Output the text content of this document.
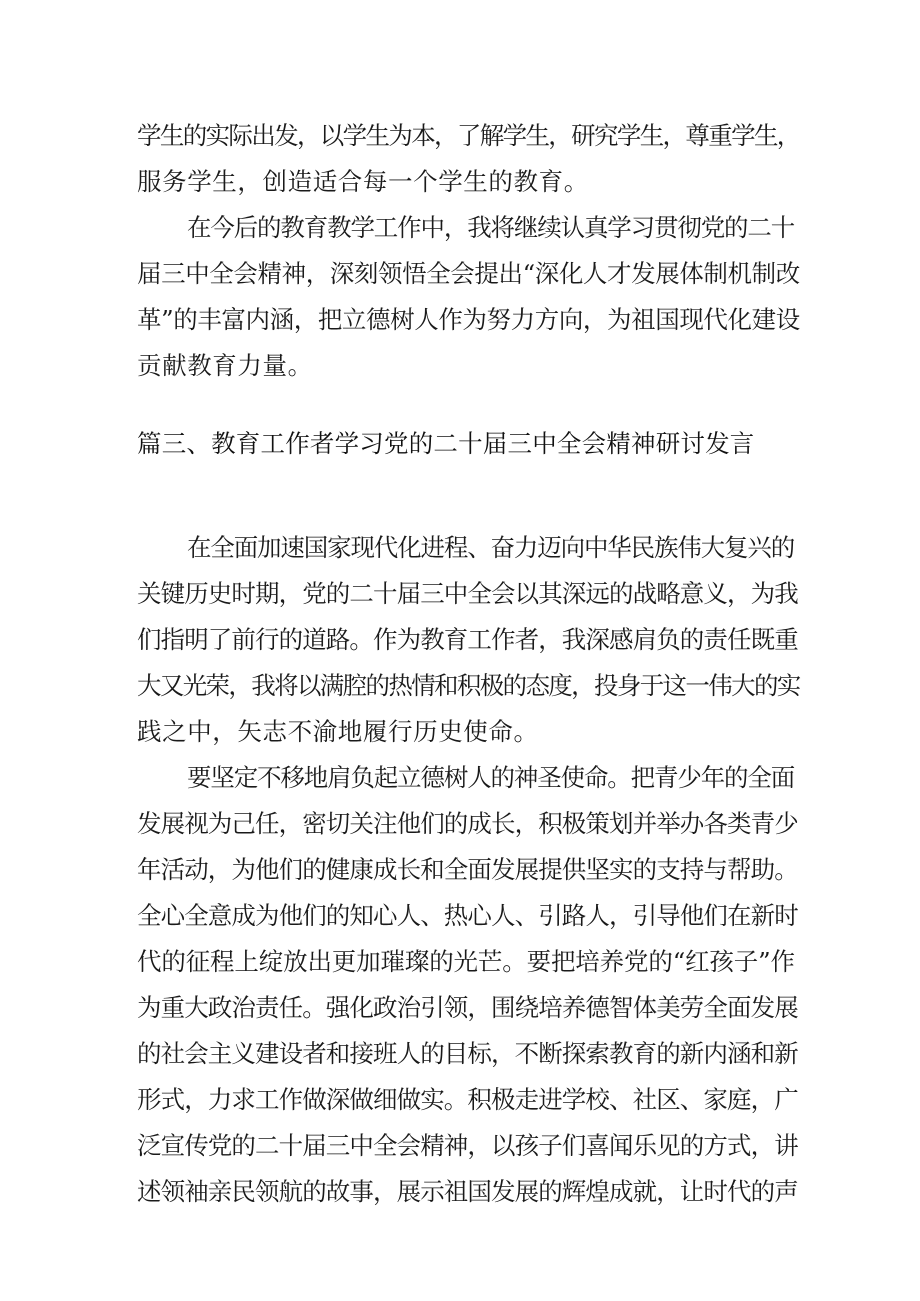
学生的实际出发，以学生为本，了解学生，研究学生，尊重学生，
服务学生，创造适合每一个学生的教育。
在今后的教育教学工作中，我将继续认真学习贯彻党的二十
届三中全会精神，深刻领悟全会提出“深化人才发展体制机制改
革”的丰富内涵，把立德树人作为努力方向，为祖国现代化建设
贡献教育力量。
篇三、教育工作者学习党的二十届三中全会精神研讨发言
在全面加速国家现代化进程、奋力迈向中华民族伟大复兴的
关键历史时期，党的二十届三中全会以其深远的战略意义，为我
们指明了前行的道路。作为教育工作者，我深感肩负的责任既重
大又光荣，我将以满腔的热情和积极的态度，投身于这一伟大的实
践之中，矢志不渝地履行历史使命。
要坚定不移地肩负起立德树人的神圣使命。把青少年的全面
发展视为己任，密切关注他们的成长，积极策划并举办各类青少
年活动，为他们的健康成长和全面发展提供坚实的支持与帮助。
全心全意成为他们的知心人、热心人、引路人，引导他们在新时
代的征程上绽放出更加璀璨的光芒。要把培养党的“红孩子”作
为重大政治责任。强化政治引领，围绕培养德智体美劳全面发展
的社会主义建设者和接班人的目标，不断探索教育的新内涵和新
形式，力求工作做深做细做实。积极走进学校、社区、家庭，广
泛宣传党的二十届三中全会精神，以孩子们喜闻乐见的方式，讲
述领袖亲民领航的故事，展示祖国发展的辉煌成就，让时代的声
